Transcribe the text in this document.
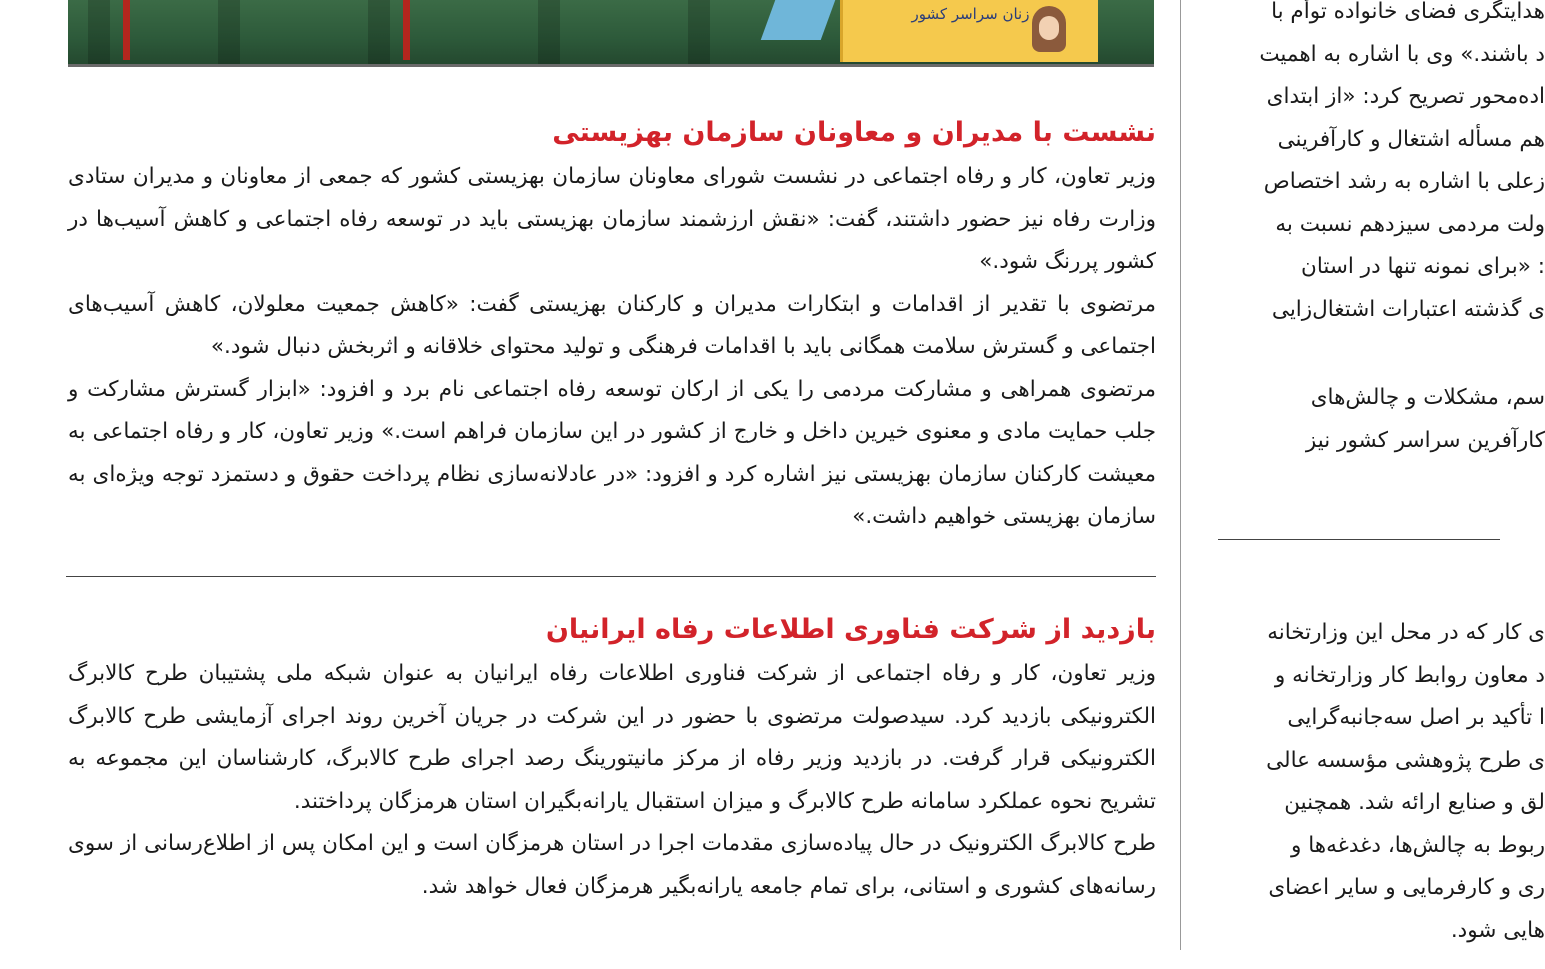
زنان سراسر کشور
نشست با مدیران و معاونان سازمان بهزیستی

وزیر تعاون، کار و رفاه اجتماعی در نشست شورای معاونان سازمان بهزیستی کشور که جمعی از معاونان و مدیران ستادی وزارت رفاه نیز حضور داشتند، گفت: «نقش ارزشمند سازمان بهزیستی باید در توسعه رفاه اجتماعی و کاهش آسیب‌ها در کشور پررنگ شود.»

مرتضوی با تقدیر از اقدامات و ابتکارات مدیران و کارکنان بهزیستی گفت: «کاهش جمعیت معلولان، کاهش آسیب‌های اجتماعی و گسترش سلامت همگانی باید با اقدامات فرهنگی و تولید محتوای خلاقانه و اثربخش دنبال شود.»

مرتضوی همراهی و مشارکت مردمی را یکی از ارکان توسعه رفاه اجتماعی نام برد و افزود: «ابزار گسترش مشارکت و جلب حمایت مادی و معنوی خیرین داخل و خارج از کشور در این سازمان فراهم است.» وزیر تعاون، کار و رفاه اجتماعی به معیشت کارکنان سازمان بهزیستی نیز اشاره کرد و افزود: «در عادلانه‌سازی نظام پرداخت حقوق و دستمزد توجه ویژه‌ای به سازمان بهزیستی خواهیم داشت.»

بازدید از شرکت فناوری اطلاعات رفاه ایرانیان

وزیر تعاون، کار و رفاه اجتماعی از شرکت فناوری اطلاعات رفاه ایرانیان به عنوان شبکه ملی پشتیبان طرح کالابرگ الکترونیکی بازدید کرد. سیدصولت مرتضوی با حضور در این شرکت در جریان آخرین روند اجرای آزمایشی طرح کالابرگ الکترونیکی قرار گرفت. در بازدید وزیر رفاه از مرکز مانیتورینگ رصد اجرای طرح کالابرگ، کارشناسان این مجموعه به تشریح نحوه عملکرد سامانه طرح کالابرگ و میزان استقبال یارانه‌بگیران استان هرمزگان پرداختند.

طرح کالابرگ الکترونیک در حال پیاده‌سازی مقدمات اجرا در استان هرمزگان است و این امکان پس از اطلاع‌رسانی از سوی رسانه‌های کشوری و استانی، برای تمام جامعه یارانه‌بگیر هرمزگان فعال خواهد شد.

هدایتگری فضای خانواده توأم با

د باشند.» وی با اشاره به اهمیت

اده‌محور تصریح کرد: «از ابتدای

هم مسأله اشتغال و کارآفرینی

زعلی با اشاره به رشد اختصاص

ولت مردمی سیزدهم نسبت به

: «برای نمونه تنها در استان

ی گذشته اعتبارات اشتغال‌زایی

سم، مشکلات و چالش‌های

کارآفرین سراسر کشور نیز

ی کار که در محل این وزارتخانه

د معاون روابط کار وزارتخانه و

ا تأکید بر اصل سه‌جانبه‌گرایی

ی طرح پژوهشی مؤسسه عالی

لق و صنایع ارائه شد. همچنین

ربوط به چالش‌ها، دغدغه‌ها و

ری و کارفرمایی و سایر اعضای

هایی شود.
